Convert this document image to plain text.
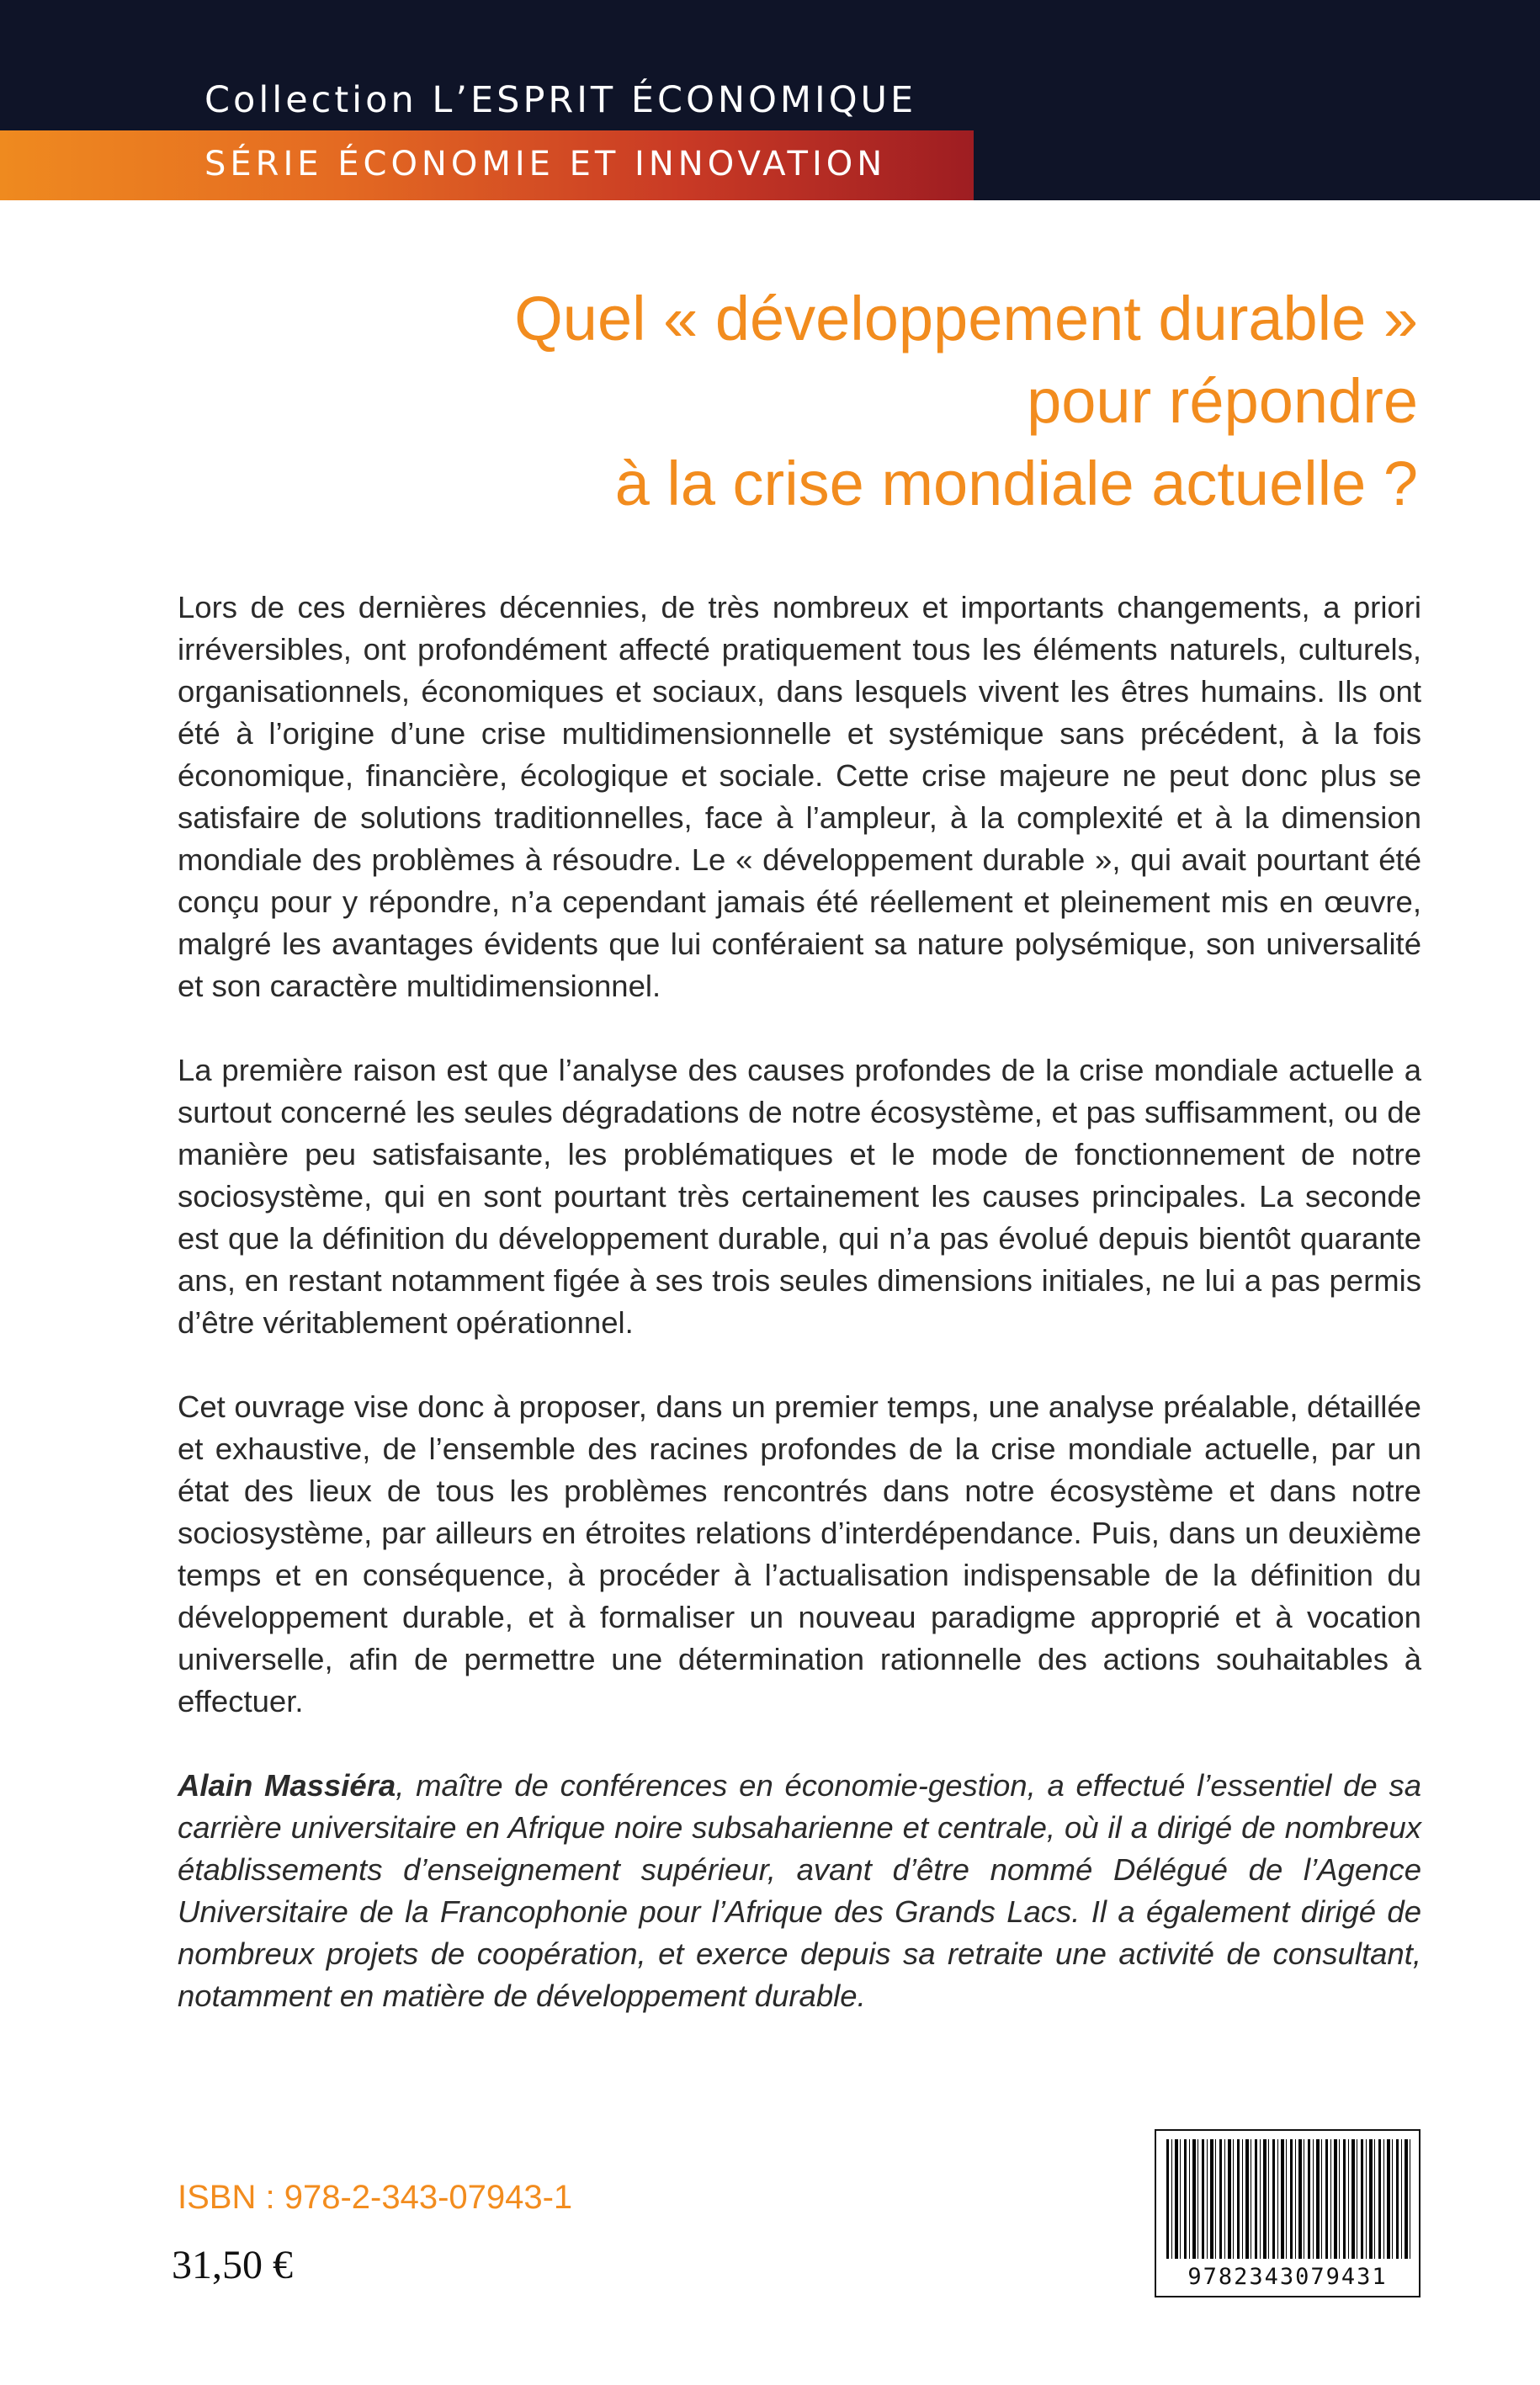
Collection L’ESPRIT ÉCONOMIQUE
SÉRIE ÉCONOMIE ET INNOVATION
Quel « développement durable »
pour répondre
à la crise mondiale actuelle ?

Lors de ces dernières décennies, de très nombreux et importants changements, a priori irréversibles, ont profondément affecté pratiquement tous les éléments naturels, culturels, organisationnels, économiques et sociaux, dans lesquels vivent les êtres humains. Ils ont été à l’origine d’une crise multidimensionnelle et systémique sans précédent, à la fois économique, financière, écologique et sociale. Cette crise majeure ne peut donc plus se satisfaire de solutions traditionnelles, face à l’ampleur, à la complexité et à la dimension mondiale des problèmes à résoudre. Le « développement durable », qui avait pourtant été conçu pour y répondre, n’a cependant jamais été réellement et pleinement mis en œuvre, malgré les avantages évidents que lui conféraient sa nature polysémique, son universalité et son caractère multidimensionnel.

La première raison est que l’analyse des causes profondes de la crise mondiale actuelle a surtout concerné les seules dégradations de notre écosystème, et pas suffisamment, ou de manière peu satisfaisante, les problématiques et le mode de fonctionnement de notre sociosystème, qui en sont pourtant très certainement les causes principales. La seconde est que la définition du développement durable, qui n’a pas évolué depuis bientôt quarante ans, en restant notamment figée à ses trois seules dimensions initiales, ne lui a pas permis d’être véritablement opérationnel.

Cet ouvrage vise donc à proposer, dans un premier temps, une analyse préalable, détaillée et exhaustive, de l’ensemble des racines profondes de la crise mondiale actuelle, par un état des lieux de tous les problèmes rencontrés dans notre écosystème et dans notre sociosystème, par ailleurs en étroites relations d’interdépendance. Puis, dans un deuxième temps et en conséquence, à procéder à l’actualisation indispensable de la définition du développement durable, et à formaliser un nouveau paradigme approprié et à vocation universelle, afin de permettre une détermination rationnelle des actions souhaitables à effectuer.

Alain Massiéra, maître de conférences en économie-gestion, a effectué l’essentiel de sa carrière universitaire en Afrique noire subsaharienne et centrale, où il a dirigé de nombreux établissements d’enseignement supérieur, avant d’être nommé Délégué de l’Agence Universitaire de la Francophonie pour l’Afrique des Grands Lacs. Il a également dirigé de nombreux projets de coopération, et exerce depuis sa retraite une activité de consultant, notamment en matière de développement durable.

ISBN : 978-2-343-07943-1
31,50 €	9782343079431
